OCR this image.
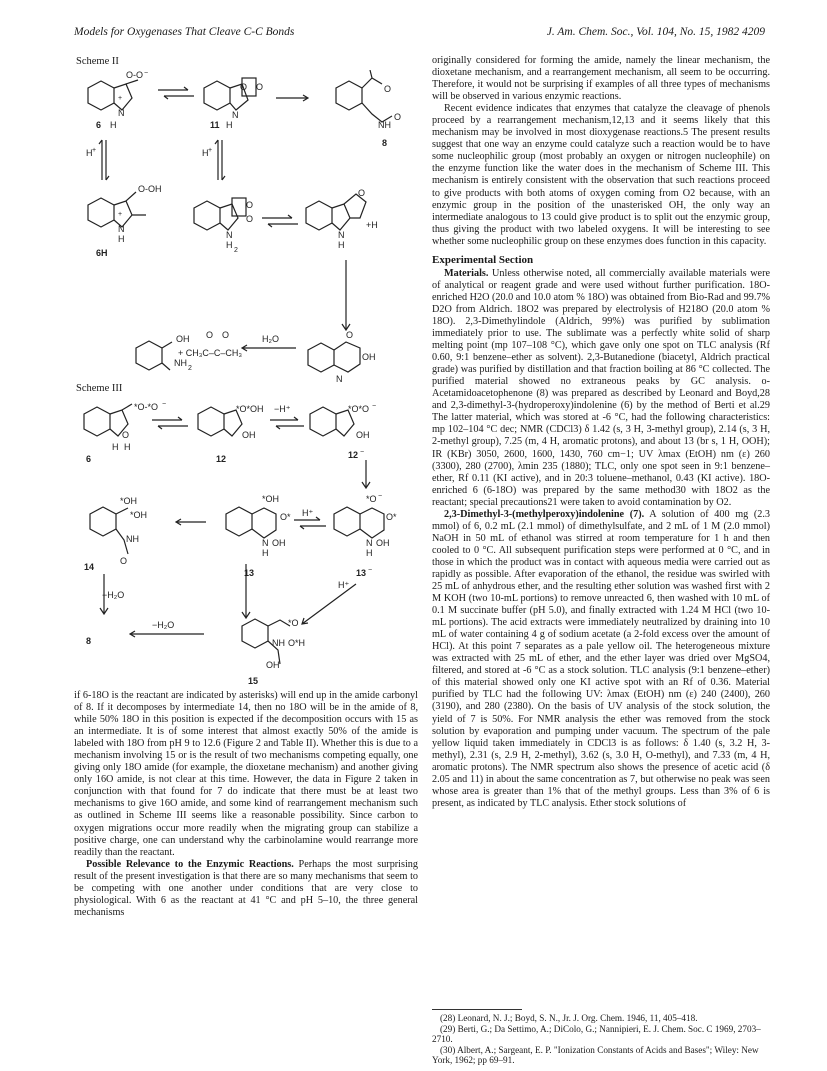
Models for Oxygenases That Cleave C-C Bonds	J. Am. Chem. Soc., Vol. 104, No. 15, 1982 4209
Scheme II
O-O −
+
N
6 H
O O
N
11 H
O
NH
O
8
H +	H +
O-OH
+
N
H
6H
O
O
N
H
2
O
N
H
+H
OH
NH
2
O O
+ CH₃C–C–CH₃
H₂O	O
OH
N
Scheme III
*O-*O −
O
H H
6
*O*OH −H⁺
OH
12
*O*O −
OH
12 −
*OH
*OH
NH
O
14
*OH
O*
N OH
H
13
H⁺
*O −
O*
N OH
H
13 −
H⁺
−H₂O
8
−H₂O	*O
NH O*H
OH
15

if 6-18O is the reactant are indicated by asterisks) will end up in the amide carbonyl of 8. If it decomposes by intermediate 14, then no 18O will be in the amide of 8, while 50% 18O in this position is expected if the decomposition occurs with 15 as an intermediate. It is of some interest that almost exactly 50% of the amide is labeled with 18O from pH 9 to 12.6 (Figure 2 and Table II). Whether this is due to a mechanism involving 15 or is the result of two mechanisms competing equally, one giving only 18O amide (for example, the dioxetane mechanism) and another giving only 16O amide, is not clear at this time. However, the data in Figure 2 taken in conjunction with that found for 7 do indicate that there must be at least two mechanisms to give 16O amide, and some kind of rearrangement mechanism such as outlined in Scheme III seems like a reasonable possibility. Since carbon to oxygen migrations occur more readily when the migrating group can stabilize a positive charge, one can understand why the carbinolamine would rearrange more readily than the reactant.

Possible Relevance to the Enzymic Reactions. Perhaps the most surprising result of the present investigation is that there are so many mechanisms that seem to be competing with one another under conditions that are very close to physiological. With 6 as the reactant at 41 °C and pH 5–10, the three general mechanisms

originally considered for forming the amide, namely the linear mechanism, the dioxetane mechanism, and a rearrangement mechanism, all seem to be occurring. Therefore, it would not be surprising if examples of all three types of mechanisms will be observed in various enzymic reactions.

Recent evidence indicates that enzymes that catalyze the cleavage of phenols proceed by a rearrangement mechanism,12,13 and it seems likely that this mechanism may be involved in most dioxygenase reactions.5 The present results suggest that one way an enzyme could catalyze such a reaction would be to have some nucleophilic group (most probably an oxygen or nitrogen nucleophile) on the enzyme function like the water does in the mechanism of Scheme III. This mechanism is entirely consistent with the observation that such reactions proceed to give products with both atoms of oxygen coming from O2 because, with an enzymic group in the position of the unasterisked OH, the only way an intermediate analogous to 13 could give product is to split out the enzymic group, thus giving the product with two labeled oxygens. It will be interesting to see whether some nucleophilic group on these enzymes does function in this capacity.

Experimental Section

Materials. Unless otherwise noted, all commercially available materials were of analytical or reagent grade and were used without further purification. 18O-enriched H2O (20.0 and 10.0 atom % 18O) was obtained from Bio-Rad and 99.7% D2O from Aldrich. 18O2 was prepared by electrolysis of H218O (20.0 atom % 18O). 2,3-Dimethylindole (Aldrich, 99%) was purified by sublimation immediately prior to use. The sublimate was a perfectly white solid of sharp melting point (mp 107–108 °C), which gave only one spot on TLC analysis (Rf 0.60, 9:1 benzene–ether as solvent). 2,3-Butanedione (biacetyl, Aldrich practical grade) was purified by distillation and that fraction boiling at 86 °C collected. The purified material showed no extraneous peaks by GC analysis. o-Acetamidoacetophenone (8) was prepared as described by Leonard and Boyd,28 and 2,3-dimethyl-3-(hydroperoxy)indolenine (6) by the method of Berti et al.29 The latter material, which was stored at -6 °C, had the following characteristics: mp 102–104 °C dec; NMR (CDCl3) δ 1.42 (s, 3 H, 3-methyl group), 2.14 (s, 3 H, 2-methyl group), 7.25 (m, 4 H, aromatic protons), and about 13 (br s, 1 H, OOH); IR (KBr) 3050, 2600, 1600, 1430, 760 cm−1; UV λmax (EtOH) nm (ε) 260 (3300), 280 (2700), λmin 235 (1880); TLC, only one spot seen in 9:1 benzene–ether, Rf 0.11 (KI active), and in 20:3 toluene–methanol, 0.43 (KI active). 18O-enriched 6 (6-18O) was prepared by the same method30 with 18O2 as the reactant; special precautions21 were taken to avoid contamination by O2.

2,3-Dimethyl-3-(methylperoxy)indolenine (7). A solution of 400 mg (2.3 mmol) of 6, 0.2 mL (2.1 mmol) of dimethylsulfate, and 2 mL of 1 M (2.0 mmol) NaOH in 50 mL of ethanol was stirred at room temperature for 1 h and then cooled to 0 °C. All subsequent purification steps were performed at 0 °C, and in those in which the product was in contact with aqueous media were carried out as rapidly as possible. After evaporation of the ethanol, the residue was swirled with 25 mL of anhydrous ether, and the resulting ether solution was washed first with 2 M KOH (two 10-mL portions) to remove unreacted 6, then washed with 10 mL of 0.1 M succinate buffer (pH 5.0), and finally extracted with 1.24 M HCl (two 10-mL portions). The acid extracts were immediately neutralized by draining into 10 mL of water containing 4 g of sodium acetate (a 2-fold excess over the amount of HCl). At this point 7 separates as a pale yellow oil. The heterogeneous mixture was extracted with 25 mL of ether, and the ether layer was dried over MgSO4, filtered, and stored at -6 °C as a stock solution. TLC analysis (9:1 benzene–ether) of this material showed only one KI active spot with an Rf of 0.36. Material purified by TLC had the following UV: λmax (EtOH) nm (ε) 240 (2400), 260 (3190), and 280 (2380). On the basis of UV analysis of the stock solution, the yield of 7 is 50%. For NMR analysis the ether was removed from the stock solution by evaporation and pumping under vacuum. The spectrum of the pale yellow liquid taken immediately in CDCl3 is as follows: δ 1.40 (s, 3.2 H, 3-methyl), 2.31 (s, 2.9 H, 2-methyl), 3.62 (s, 3.0 H, O-methyl), and 7.33 (m, 4 H, aromatic protons). The NMR spectrum also shows the presence of acetic acid (δ 2.05 and 11) in about the same concentration as 7, but otherwise no peak was seen whose area is greater than 1% that of the methyl groups. Less than 3% of 6 is present, as indicated by TLC analysis. Ether stock solutions of

(28) Leonard, N. J.; Boyd, S. N., Jr. J. Org. Chem. 1946, 11, 405–418.
(29) Berti, G.; Da Settimo, A.; DiColo, G.; Nannipieri, E. J. Chem. Soc. C 1969, 2703–2710.
(30) Albert, A.; Sargeant, E. P. "Ionization Constants of Acids and Bases"; Wiley: New York, 1962; pp 69–91.
